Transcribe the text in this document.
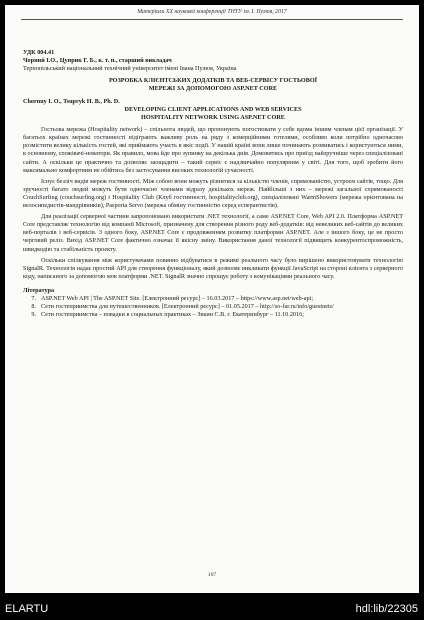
Матеріали XX наукової конференції ТНТУ ім. І. Пулюя, 2017
УДК 004.41
Чорний І.О., Цуприк Г. Б., к. т. н., старший викладач
Тернопільський національний технічний університет імені Івана Пулюя, Україна
РОЗРОБКА КЛІЄНТСЬКИХ ДОДАТКІВ ТА ВЕБ-СЕРВІСУ ГОСТЬОВОЇ
МЕРЕЖІ ЗА ДОПОМОГОЮ ASP.NET CORE
Chornuy I. O., Tsupryk H. B., Ph. D.
DEVELOPING CLIENT APPLICATIONS AND WEB SERVICES
HOSPITALITY NETWORK USING ASP.NET CORE

Гостьова мережа (Hospitality network) – спільнота людей, що пропонують погостювати у себе вдома іншим членам цієї організації. У багатьох країнах мережі гостинності відіграють важливу роль на ряду з комерційними готелями, особливо коли потрібно одночасово розмістити велику кількість гостей, які приймають участь в якіс події. У нашій країні вони лише починають розвиватись і користуються ними, в основному, спожівачі-новатори. Як правило, мова йде про зупинку на декілька днів. Домовитись про приїзд найзручніше через спеціалізовані сайти. А оскільки це практично та дозволяє заощадити – такий сервіс є надзвичайно популярним у світі. Для того, щоб зробити його максимально комфортним не обійтись без застосування високих технологій сучасності.

Існує безліч видів мереж гостинності. Між собою вони можуть різнитися за кількістю членів, спрямованістю, устроєм сайтів, тощо. Для зручності багато людей можуть бути одночасно членами відразу декількох мереж. Найбільші з них – мережі загальної спрямованості CouchSurfing (couchsurfing.org) і Hospitality Club (Клуб гостинності, hospitalityclub.org), спеціалізовані WarmShowers (мережа орієнтована на велосипедистів-мандрівників), Pasporta Servo (мережа обміну гостинністю серед есперантистів).

Для реалізації серверної частини запропоновано використати .NET технології, а саме ASP.NET Core, Web API 2.0. Платформа ASP.NET Core представляє технологію від компанії Microsoft, призначену для створення різного роду веб-додатків: від невеликих веб-сайтів до великих веб-порталів і веб-сервісів. З одного боку, ASP.NET Core є продовженням розвитку платформи ASP.NET. Але з іншого боку, це не просто черговий реліз. Вихід ASP.NET Core фактично означає її якісну зміну. Використання даної технології підвищить конкурентоспроможність, швидкодію та стабільність проекту.

Оскільки спілкування між користувачами повинно відбуватися в режимі реального часу було вирішено використовувати технологію SignalR. Технологія надає простий API для створення функціоналу, який дозволяє викликати функції JavaScript на стороні клієнта з серверного коду, написаного за допомогою мов платформи .NET. SignalR значно спрощує роботу з комунікаціями реального часу.

Література
7. ASP.NET Web API | The ASP.NET Site. [Електронний ресурс] – 16.03.2017 – https://www.asp.net/web-api;
8. Сети гостеприимства для путешественников. [Електронний ресурс] – 01.05.2017 – http://so-far.ru/info/guestnets/
9. Сети гостеприимства – повадки в социальных практиках – Звкин С.В. г. Екатеринбург – 11.10.2016;
107
ELARTU	hdl:lib/22305
